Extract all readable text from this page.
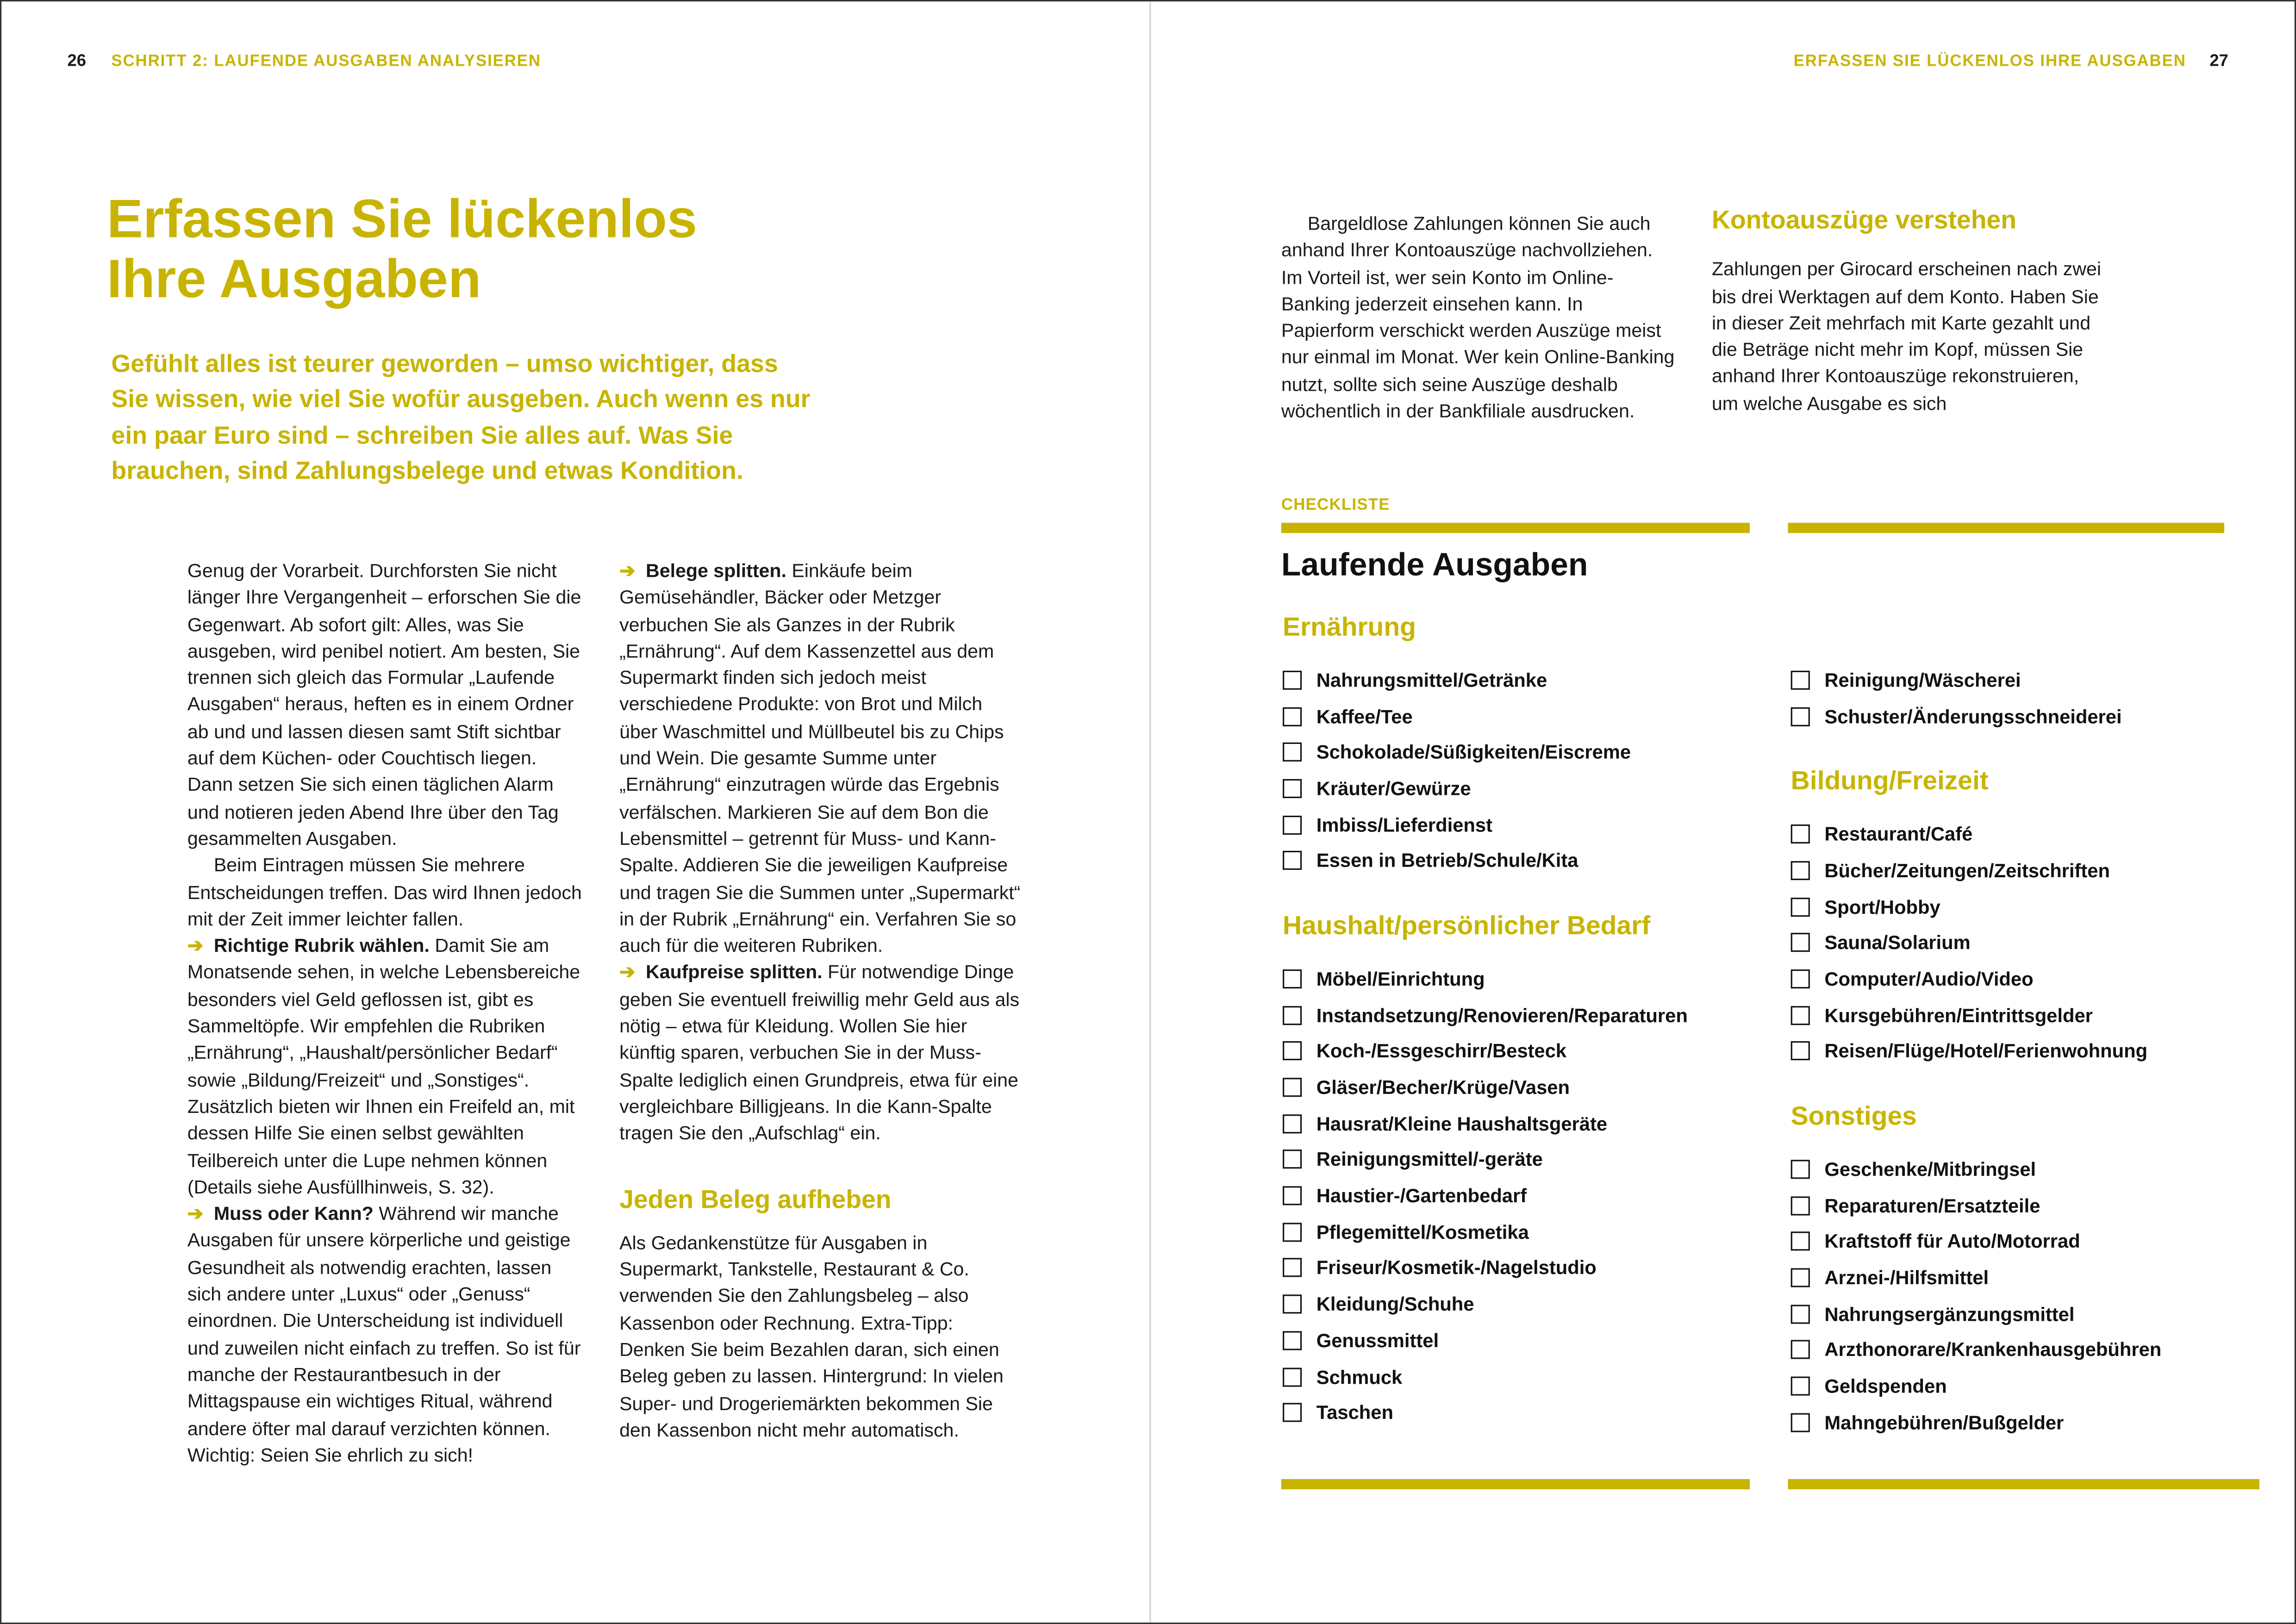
26	SCHRITT 2: LAUFENDE AUSGABEN ANALYSIEREN
Erfassen Sie lückenlos
Ihre Ausgaben
Gefühlt alles ist teurer geworden – umso wichtiger, dass Sie wissen, wie viel Sie wofür ausgeben. Auch wenn es nur ein paar Euro sind – schreiben Sie alles auf. Was Sie brauchen, sind Zahlungsbelege und etwas Kondition.

Genug der Vorarbeit. Durchforsten Sie nicht länger Ihre Vergangenheit – erforschen Sie die Gegenwart. Ab sofort gilt: Alles, was Sie ausgeben, wird penibel notiert. Am besten, Sie trennen sich gleich das Formular „Laufende Ausgaben“ heraus, heften es in einem Ordner ab und und lassen diesen samt Stift sichtbar auf dem Küchen- oder Couchtisch liegen. Dann setzen Sie sich einen täglichen Alarm und notieren jeden Abend Ihre über den Tag gesammelten Ausgaben.

Beim Eintragen müssen Sie mehrere Entscheidungen treffen. Das wird Ihnen jedoch mit der Zeit immer leichter fallen.

➔ Richtige Rubrik wählen. Damit Sie am Monatsende sehen, in welche Lebensbereiche besonders viel Geld geflossen ist, gibt es Sammeltöpfe. Wir empfehlen die Rubriken „Ernährung“, „Haushalt/persönlicher Bedarf“ sowie „Bildung/Freizeit“ und „Sonstiges“. Zusätzlich bieten wir Ihnen ein Freifeld an, mit dessen Hilfe Sie einen selbst gewählten Teilbereich unter die Lupe nehmen können (Details siehe Ausfüllhinweis, S. 32).

➔ Muss oder Kann? Während wir manche Ausgaben für unsere körperliche und geistige Gesundheit als notwendig erachten, lassen sich andere unter „Luxus“ oder „Genuss“ einordnen. Die Unterscheidung ist individuell und zuweilen nicht einfach zu treffen. So ist für manche der Restaurantbesuch in der Mittagspause ein wichtiges Ritual, während andere öfter mal darauf verzichten können. Wichtig: Seien Sie ehrlich zu sich!

➔ Belege splitten. Einkäufe beim Gemüsehändler, Bäcker oder Metzger verbuchen Sie als Ganzes in der Rubrik „Ernährung“. Auf dem Kassenzettel aus dem Supermarkt finden sich jedoch meist verschiedene Produkte: von Brot und Milch über Waschmittel und Müllbeutel bis zu Chips und Wein. Die gesamte Summe unter „Ernährung“ einzutragen würde das Ergebnis verfälschen. Markieren Sie auf dem Bon die Lebensmittel – getrennt für Muss- und Kann-Spalte. Addieren Sie die jeweiligen Kaufpreise und tragen Sie die Summen unter „Supermarkt“ in der Rubrik „Ernährung“ ein. Verfahren Sie so auch für die weiteren Rubriken.

➔ Kaufpreise splitten. Für notwendige Dinge geben Sie eventuell freiwillig mehr Geld aus als nötig – etwa für Kleidung. Wollen Sie hier künftig sparen, verbuchen Sie in der Muss-Spalte lediglich einen Grundpreis, etwa für eine vergleichbare Billigjeans. In die Kann-Spalte tragen Sie den „Aufschlag“ ein.

Jeden Beleg aufheben

Als Gedankenstütze für Ausgaben in Supermarkt, Tankstelle, Restaurant & Co. verwenden Sie den Zahlungsbeleg – also Kassenbon oder Rechnung. Extra-Tipp: Denken Sie beim Bezahlen daran, sich einen Beleg geben zu lassen. Hintergrund: In vielen Super- und Drogeriemärkten bekommen Sie den Kassenbon nicht mehr automatisch.

ERFASSEN SIE LÜCKENLOS IHRE AUSGABEN	27

Bargeldlose Zahlungen können Sie auch anhand Ihrer Kontoauszüge nachvollziehen. Im Vorteil ist, wer sein Konto im Online-Banking jederzeit einsehen kann. In Papierform verschickt werden Auszüge meist nur einmal im Monat. Wer kein Online-Banking nutzt, sollte sich seine Auszüge deshalb wöchentlich in der Bankfiliale ausdrucken.

Kontoauszüge verstehen

Zahlungen per Girocard erscheinen nach zwei bis drei Werktagen auf dem Konto. Haben Sie in dieser Zeit mehrfach mit Karte gezahlt und die Beträge nicht mehr im Kopf, müssen Sie anhand Ihrer Kontoauszüge rekonstruieren, um welche Ausgabe es sich

CHECKLISTE
Laufende Ausgaben
Ernährung
Nahrungsmittel/Getränke
Kaffee/Tee
Schokolade/Süßigkeiten/Eiscreme
Kräuter/Gewürze
Imbiss/Lieferdienst
Essen in Betrieb/Schule/Kita
Haushalt/persönlicher Bedarf
Möbel/Einrichtung
Instandsetzung/Renovieren/Reparaturen
Koch-/Essgeschirr/Besteck
Gläser/Becher/Krüge/Vasen
Hausrat/Kleine Haushaltsgeräte
Reinigungsmittel/-geräte
Haustier-/Gartenbedarf
Pflegemittel/Kosmetika
Friseur/Kosmetik-/Nagelstudio
Kleidung/Schuhe
Genussmittel
Schmuck
Taschen
Reinigung/Wäscherei
Schuster/Änderungsschneiderei
Bildung/Freizeit
Restaurant/Café
Bücher/Zeitungen/Zeitschriften
Sport/Hobby
Sauna/Solarium
Computer/Audio/Video
Kursgebühren/Eintrittsgelder
Reisen/Flüge/Hotel/Ferienwohnung
Sonstiges
Geschenke/Mitbringsel
Reparaturen/Ersatzteile
Kraftstoff für Auto/Motorrad
Arznei-/Hilfsmittel
Nahrungsergänzungsmittel
Arzthonorare/Krankenhausgebühren
Geldspenden
Mahngebühren/Bußgelder
